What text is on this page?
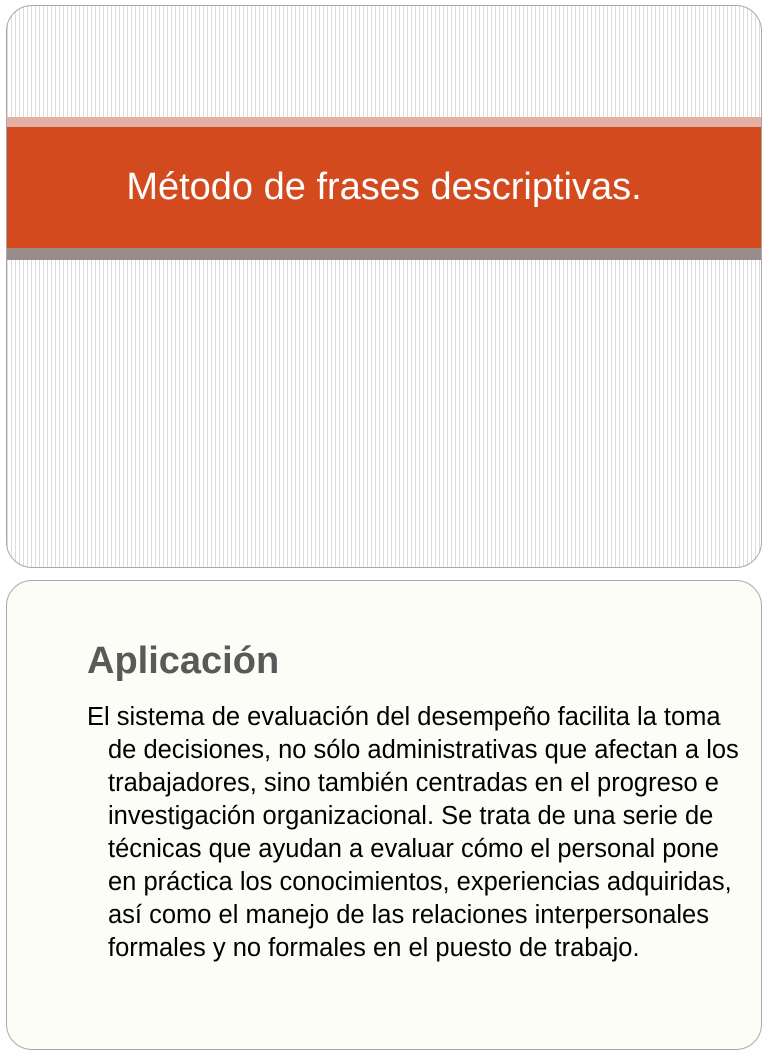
Método de frases descriptivas.
Aplicación

El sistema de evaluación del desempeño facilita la toma de decisiones, no sólo administrativas que afectan a los trabajadores, sino también centradas en el progreso e investigación organizacional. Se trata de una serie de técnicas que ayudan a evaluar cómo el personal pone en práctica los conocimientos, experiencias adquiridas, así como el manejo de las relaciones interpersonales formales y no formales en el puesto de trabajo.
